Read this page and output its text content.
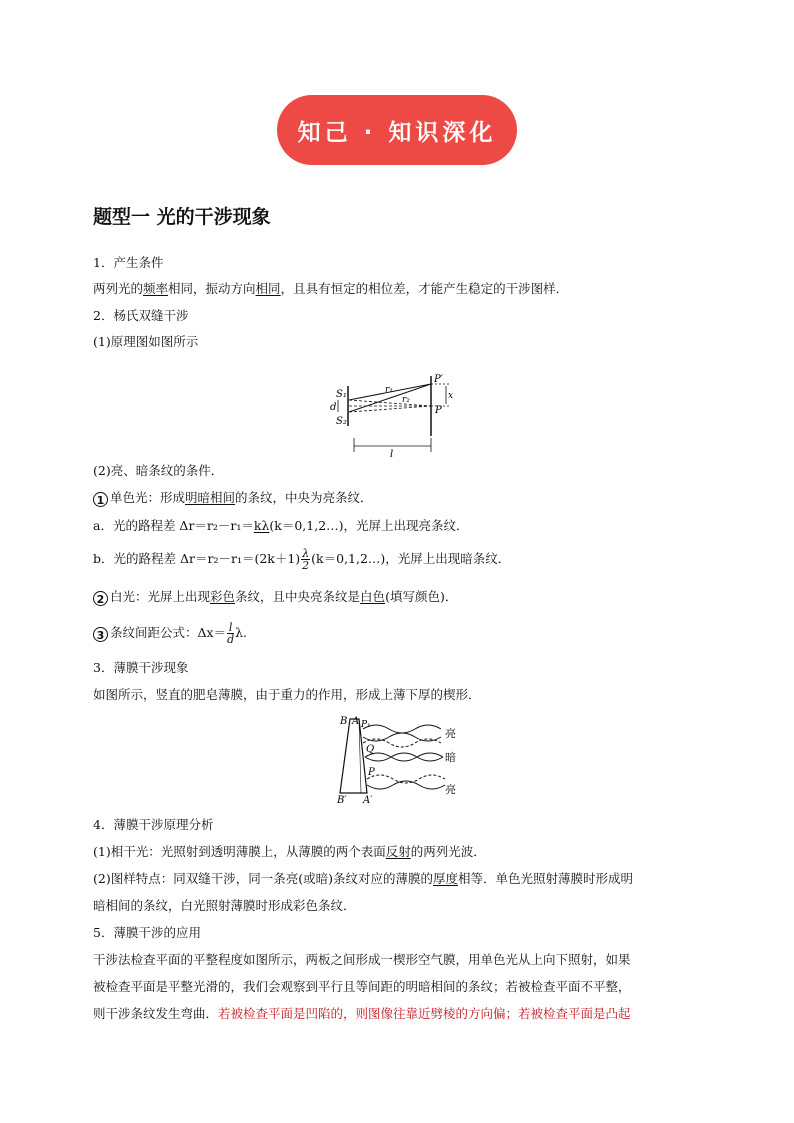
知己 · 知识深化
题型一 光的干涉现象
1．产生条件
两列光的频率相同，振动方向相同，且具有恒定的相位差，才能产生稳定的干涉图样．
2．杨氏双缝干涉
(1)原理图如图所示
S₁
S₂
d
r₁
r₂
P′
P
x
l
(2)亮、暗条纹的条件．
1 单色光：形成明暗相间的条纹，中央为亮条纹．
a．光的路程差 Δr＝r₂－r₁＝kλ(k＝0,1,2…)，光屏上出现亮条纹．
b．光的路程差 $\Delta r=r_2-r_1=(2k+1) \frac{\lambda}{2}$ (k＝0,1,2…)，光屏上出现暗条纹．
2 白光：光屏上出现彩色条纹，且中央亮条纹是白色(填写颜色)．
3 条纹间距公式：$\Delta x= \frac{l}{d} \lambda$.
3．薄膜干涉现象
如图所示，竖直的肥皂薄膜，由于重力的作用，形成上薄下厚的楔形．
B A P₁
Q
P
B′ A′
亮
暗
亮
4．薄膜干涉原理分析
(1)相干光：光照射到透明薄膜上，从薄膜的两个表面反射的两列光波．
(2)图样特点：同双缝干涉，同一条亮(或暗)条纹对应的薄膜的厚度相等．单色光照射薄膜时形成明
暗相间的条纹，白光照射薄膜时形成彩色条纹．
5．薄膜干涉的应用
干涉法检查平面的平整程度如图所示，两板之间形成一楔形空气膜，用单色光从上向下照射，如果
被检查平面是平整光滑的，我们会观察到平行且等间距的明暗相间的条纹；若被检查平面不平整，
则干涉条纹发生弯曲．若被检查平面是凹陷的，则图像往靠近劈棱的方向偏；若被检查平面是凸起
